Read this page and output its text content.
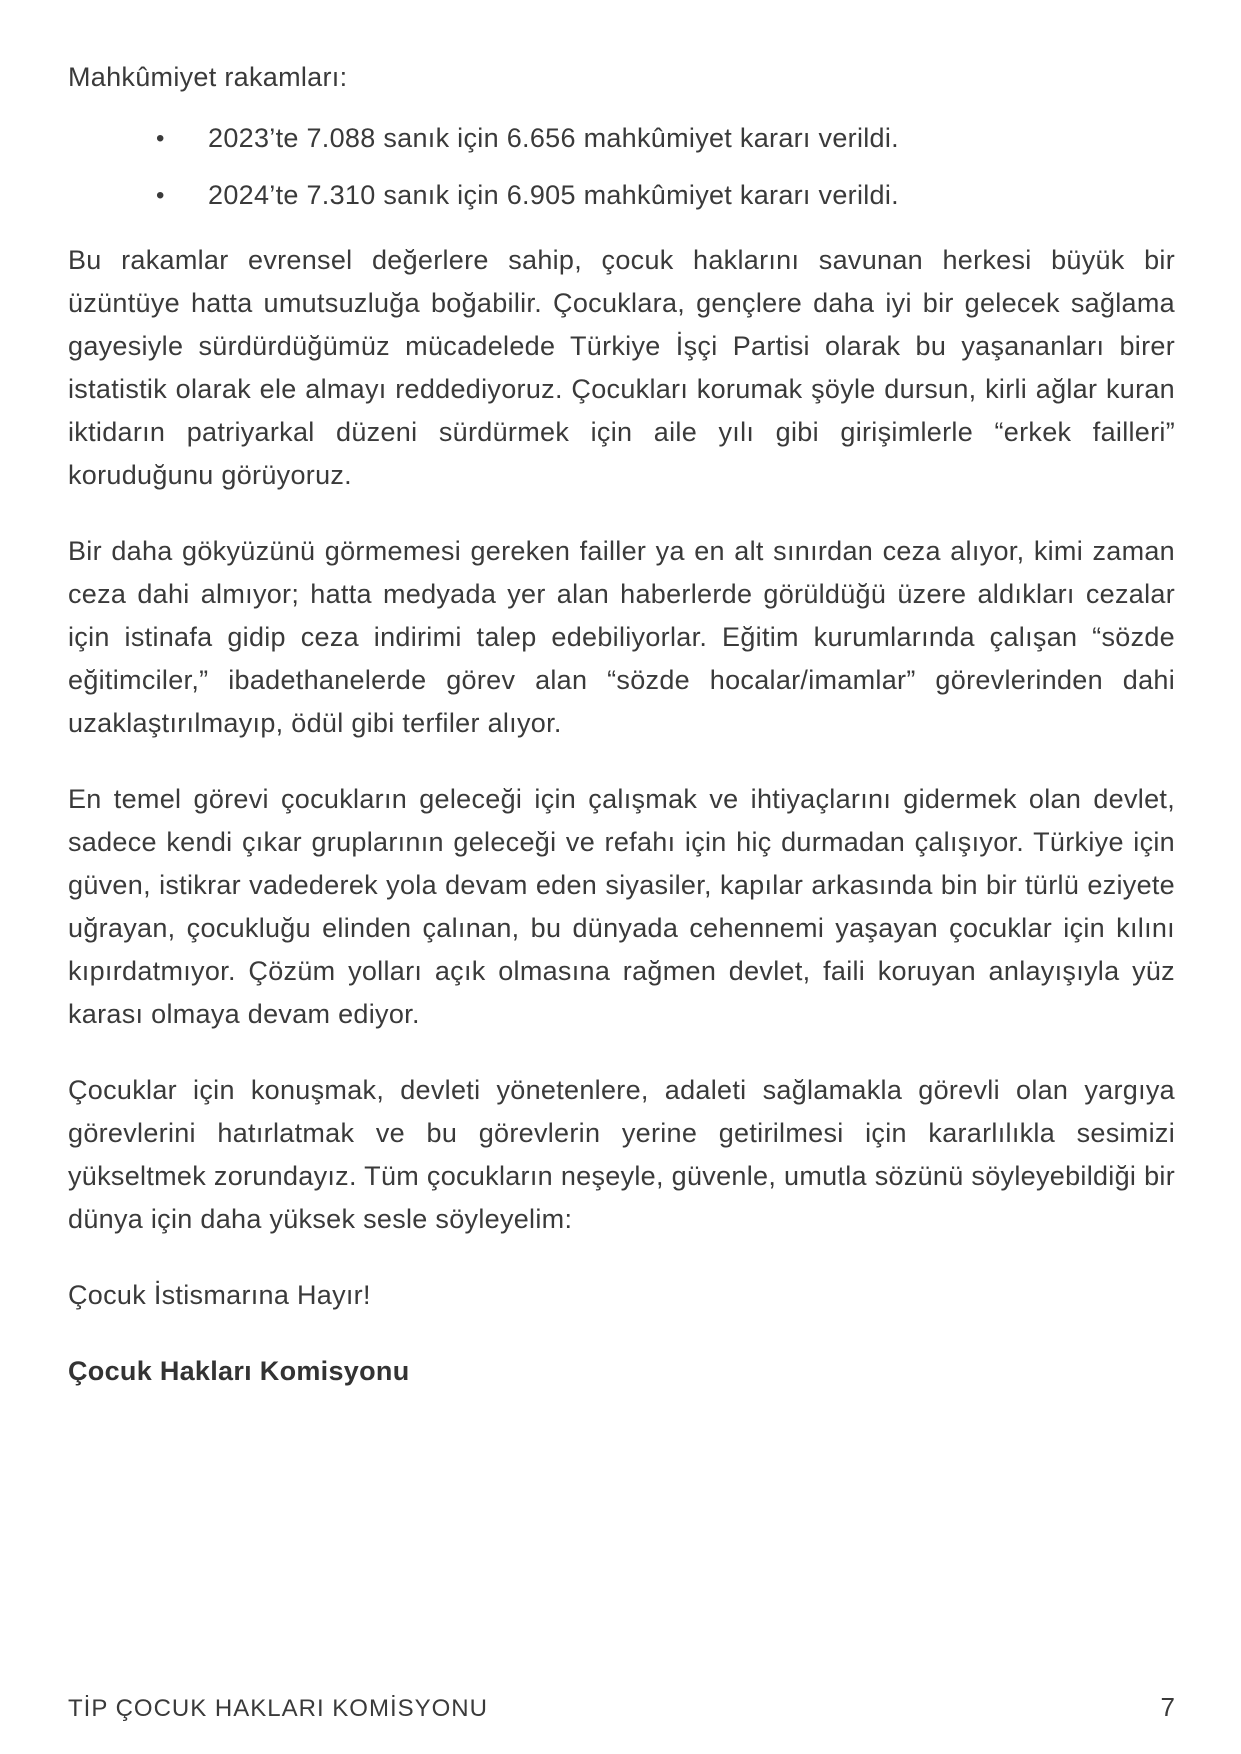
Mahkûmiyet rakamları:

• 2023’te 7.088 sanık için 6.656 mahkûmiyet kararı verildi.
• 2024’te 7.310 sanık için 6.905 mahkûmiyet kararı verildi.

Bu rakamlar evrensel değerlere sahip, çocuk haklarını savunan herkesi büyük bir üzüntüye hatta umutsuzluğa boğabilir. Çocuklara, gençlere daha iyi bir gelecek sağlama gayesiyle sürdürdüğümüz mücadelede Türkiye İşçi Partisi olarak bu yaşananları birer istatistik olarak ele almayı reddediyoruz. Çocukları korumak şöyle dursun, kirli ağlar kuran iktidarın patriyarkal düzeni sürdürmek için aile yılı gibi girişimlerle “erkek failleri” koruduğunu görüyoruz.

Bir daha gökyüzünü görmemesi gereken failler ya en alt sınırdan ceza alıyor, kimi zaman ceza dahi almıyor; hatta medyada yer alan haberlerde görüldüğü üzere aldıkları cezalar için istinafa gidip ceza indirimi talep edebiliyorlar. Eğitim kurumlarında çalışan “sözde eğitimciler,” ibadethanelerde görev alan “sözde hocalar/imamlar” görevlerinden dahi uzaklaştırılmayıp, ödül gibi terfiler alıyor.

En temel görevi çocukların geleceği için çalışmak ve ihtiyaçlarını gidermek olan devlet, sadece kendi çıkar gruplarının geleceği ve refahı için hiç durmadan çalışıyor. Türkiye için güven, istikrar vadederek yola devam eden siyasiler, kapılar arkasında bin bir türlü eziyete uğrayan, çocukluğu elinden çalınan, bu dünyada cehennemi yaşayan çocuklar için kılını kıpırdatmıyor. Çözüm yolları açık olmasına rağmen devlet, faili koruyan anlayışıyla yüz karası olmaya devam ediyor.

Çocuklar için konuşmak, devleti yönetenlere, adaleti sağlamakla görevli olan yargıya görevlerini hatırlatmak ve bu görevlerin yerine getirilmesi için kararlılıkla sesimizi yükseltmek zorundayız. Tüm çocukların neşeyle, güvenle, umutla sözünü söyleyebildiği bir dünya için daha yüksek sesle söyleyelim:

Çocuk İstismarına Hayır!

Çocuk Hakları Komisyonu

TİP ÇOCUK HAKLARI KOMİSYONU	7
